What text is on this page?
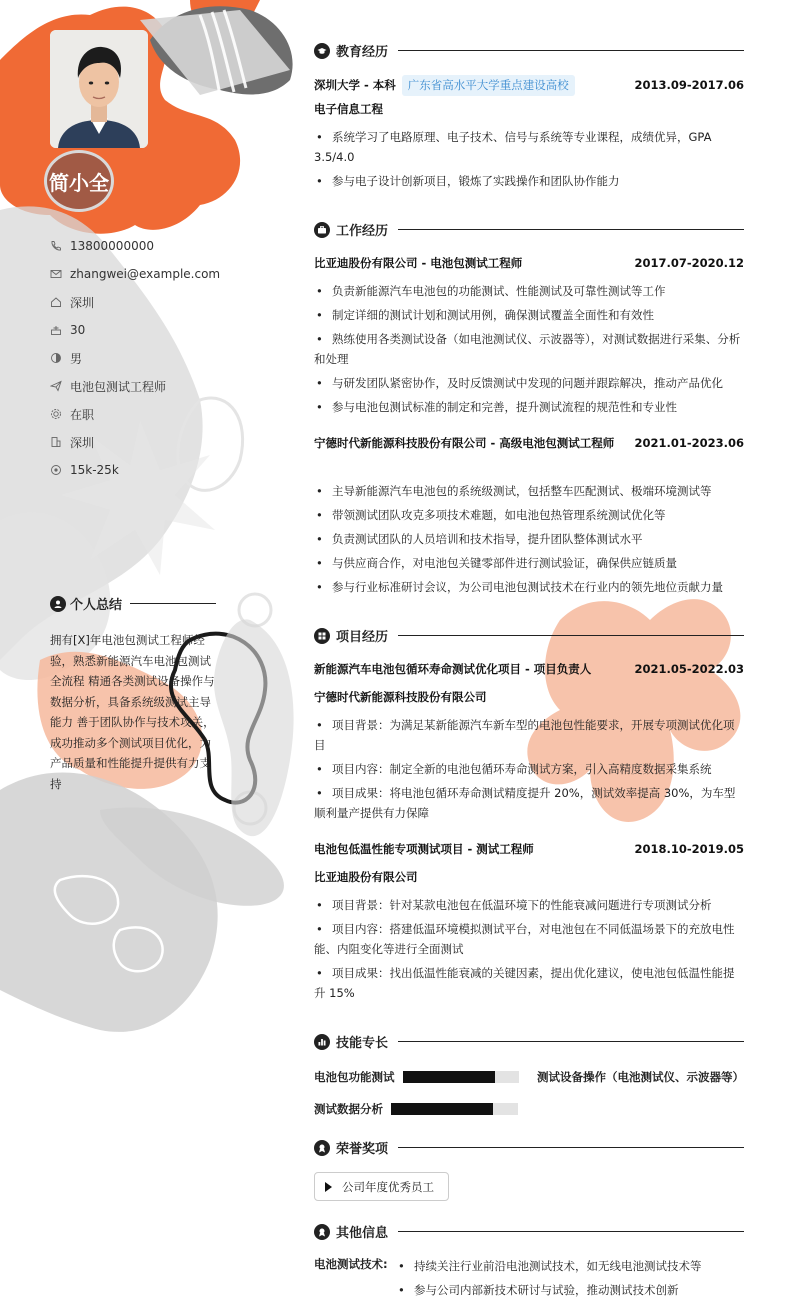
简小全
13800000000
zhangwei@example.com
深圳
30
男
电池包测试工程师
在职
深圳
15k-25k
个人总结
拥有[X]年电池包测试工程师经验，熟悉新能源汽车电池包测试全流程 精通各类测试设备操作与数据分析，具备系统级测试主导能力 善于团队协作与技术攻关，成功推动多个测试项目优化，为产品质量和性能提升提供有力支持
教育经历
深圳大学 - 本科 广东省高水平大学重点建设高校	2013.09-2017.06
电子信息工程
• 系统学习了电路原理、电子技术、信号与系统等专业课程，成绩优异，GPA 3.5/4.0
• 参与电子设计创新项目，锻炼了实践操作和团队协作能力
工作经历
比亚迪股份有限公司 - 电池包测试工程师	2017.07-2020.12
• 负责新能源汽车电池包的功能测试、性能测试及可靠性测试等工作
• 制定详细的测试计划和测试用例，确保测试覆盖全面性和有效性
• 熟练使用各类测试设备（如电池测试仪、示波器等），对测试数据进行采集、分析和处理
• 与研发团队紧密协作，及时反馈测试中发现的问题并跟踪解决，推动产品优化
• 参与电池包测试标准的制定和完善，提升测试流程的规范性和专业性
宁德时代新能源科技股份有限公司 - 高级电池包测试工程师 2021.01-2023.06
• 主导新能源汽车电池包的系统级测试，包括整车匹配测试、极端环境测试等
• 带领测试团队攻克多项技术难题，如电池包热管理系统测试优化等
• 负责测试团队的人员培训和技术指导，提升团队整体测试水平
• 与供应商合作，对电池包关键零部件进行测试验证，确保供应链质量
• 参与行业标准研讨会议，为公司电池包测试技术在行业内的领先地位贡献力量
项目经历
新能源汽车电池包循环寿命测试优化项目 - 项目负责人	2021.05-2022.03
宁德时代新能源科技股份有限公司
• 项目背景：为满足某新能源汽车新车型的电池包性能要求，开展专项测试优化项目
• 项目内容：制定全新的电池包循环寿命测试方案，引入高精度数据采集系统
• 项目成果：将电池包循环寿命测试精度提升 20%，测试效率提高 30%，为车型顺利量产提供有力保障
电池包低温性能专项测试项目 - 测试工程师	2018.10-2019.05
比亚迪股份有限公司
• 项目背景：针对某款电池包在低温环境下的性能衰减问题进行专项测试分析
• 项目内容：搭建低温环境模拟测试平台，对电池包在不同低温场景下的充放电性能、内阻变化等进行全面测试
• 项目成果：找出低温性能衰减的关键因素，提出优化建议，使电池包低温性能提升 15%
技能专长
电池包功能测试	测试设备操作（电池测试仪、示波器等）
测试数据分析
荣誉奖项
公司年度优秀员工
其他信息
电池测试技术:
•	持续关注行业前沿电池测试技术，如无线电池测试技术等
• 参与公司内部新技术研讨与试验，推动测试技术创新
